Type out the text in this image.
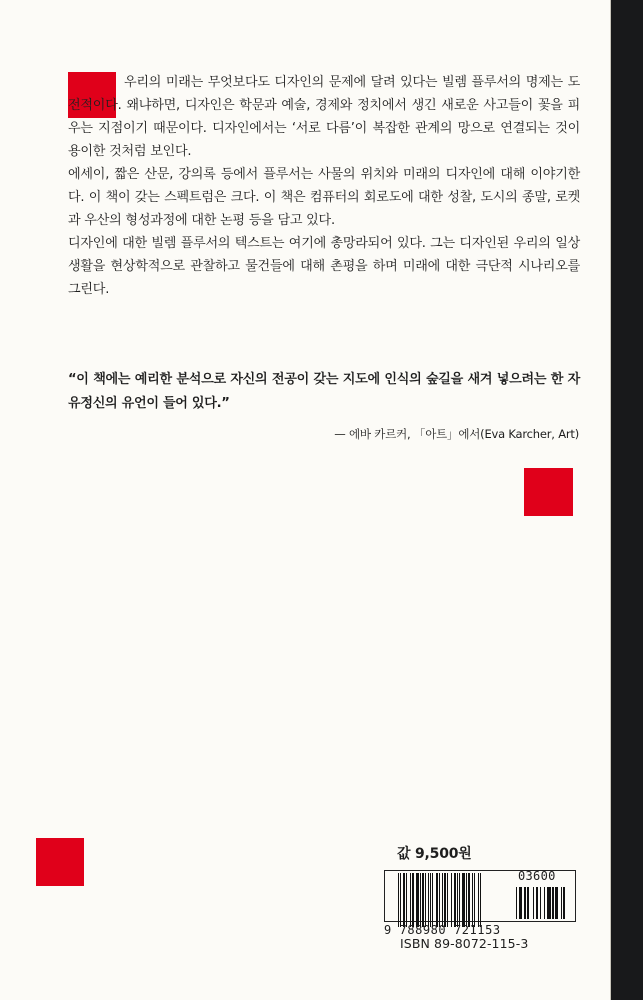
우리의 미래는 무엇보다도 디자인의 문제에 달려 있다는 빌렘 플루서의 명제는 도전적이다. 왜냐하면, 디자인은 학문과 예술, 경제와 정치에서 생긴 새로운 사고들이 꽃을 피우는 지점이기 때문이다. 디자인에서는 ‘서로 다름’이 복잡한 관계의 망으로 연결되는 것이 용이한 것처럼 보인다.

에세이, 짧은 산문, 강의록 등에서 플루서는 사물의 위치와 미래의 디자인에 대해 이야기한다. 이 책이 갖는 스펙트럼은 크다. 이 책은 컴퓨터의 회로도에 대한 성찰, 도시의 종말, 로켓과 우산의 형성과정에 대한 논평 등을 담고 있다.

디자인에 대한 빌렘 플루서의 텍스트는 여기에 총망라되어 있다. 그는 디자인된 우리의 일상생활을 현상학적으로 관찰하고 물건들에 대해 촌평을 하며 미래에 대한 극단적 시나리오를 그린다.

“이 책에는 예리한 분석으로 자신의 전공이 갖는 지도에 인식의 숲길을 새겨 넣으려는 한 자유정신의 유언이 들어 있다.”

— 에바 카르커, 「아트」에서(Eva Karcher, Art)
값 9,500원
03600
9 788980 721153
ISBN 89-8072-115-3
